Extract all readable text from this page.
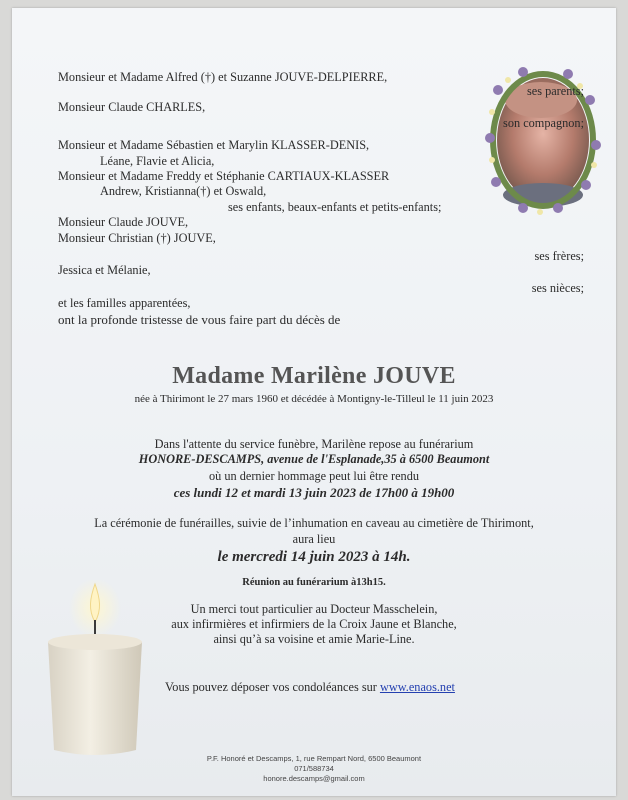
Monsieur et Madame Alfred (†) et Suzanne JOUVE-DELPIERRE,
ses parents;
Monsieur Claude CHARLES,
son compagnon;
Monsieur et Madame Sébastien et Marylin KLASSER-DENIS,
Léane, Flavie et Alicia,
Monsieur et Madame Freddy et Stéphanie CARTIAUX-KLASSER
Andrew, Kristianna(†) et Oswald,
ses enfants, beaux-enfants et petits-enfants;
Monsieur Claude JOUVE,
Monsieur Christian (†) JOUVE,
ses frères;
Jessica et Mélanie,
ses nièces;
et les familles apparentées,
ont la profonde tristesse de vous faire part du décès de
Madame Marilène JOUVE
née à Thirimont le 27 mars 1960 et décédée à Montigny-le-Tilleul le 11 juin 2023
Dans l'attente du service funèbre, Marilène repose au funérarium
HONORE-DESCAMPS, avenue de l'Esplanade,35 à 6500 Beaumont
où un dernier hommage peut lui être rendu
ces lundi 12 et mardi 13 juin 2023 de 17h00 à 19h00
La cérémonie de funérailles, suivie de l’inhumation en caveau au cimetière de Thirimont,
aura lieu
le mercredi 14 juin 2023 à 14h.
Réunion au funérarium à13h15.
Un merci tout particulier au Docteur Masschelein,
aux infirmières et infirmiers de la Croix Jaune et Blanche,
ainsi qu’à sa voisine et amie Marie-Line.
Vous pouvez déposer vos condoléances sur www.enaos.net
P.F. Honoré et Descamps, 1, rue Rempart Nord, 6500 Beaumont
071/588734
honore.descamps@gmail.com
